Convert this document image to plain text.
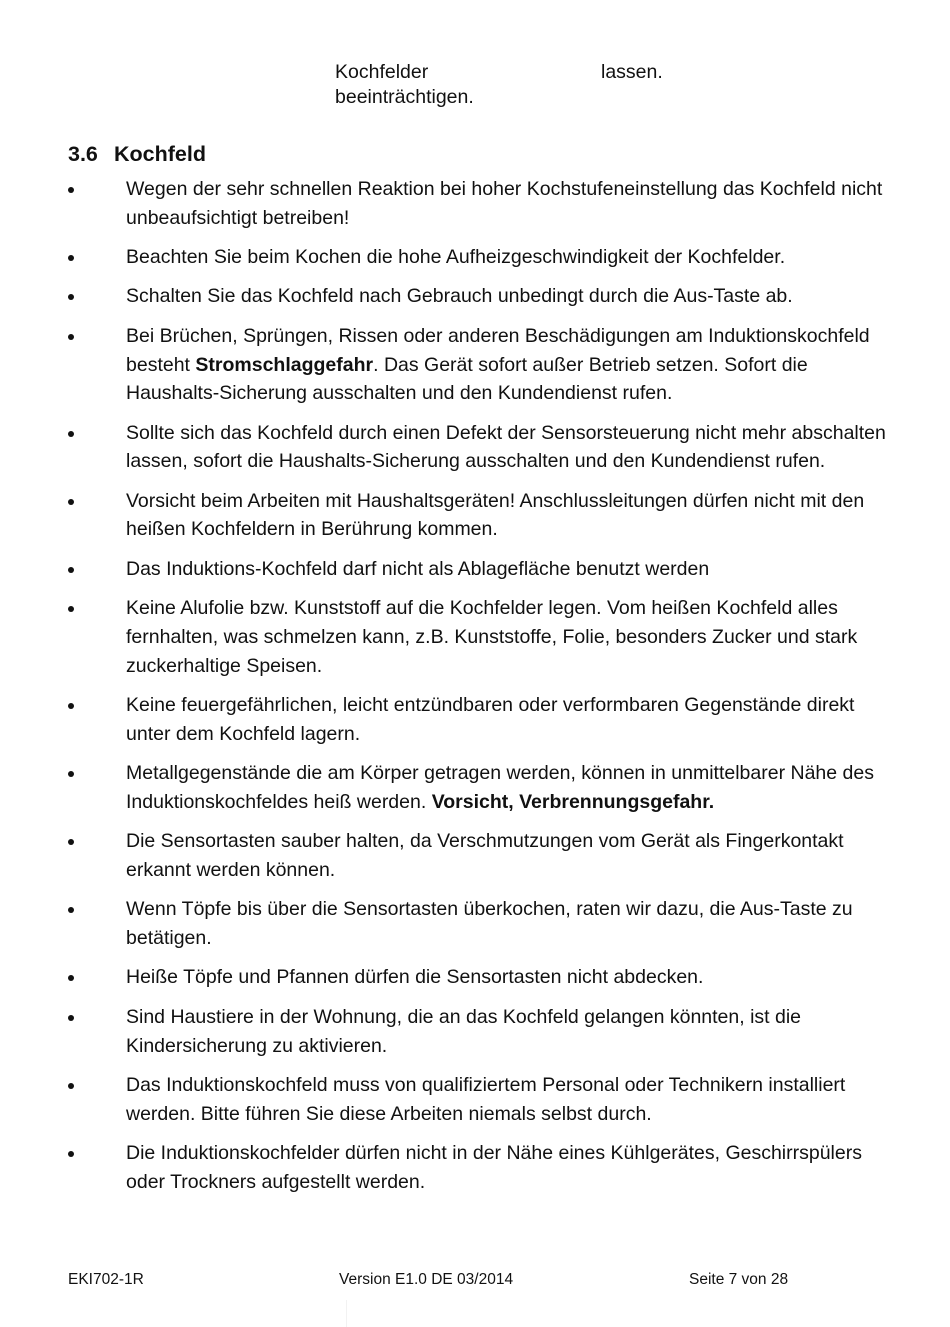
Kochfelder
beeinträchtigen.
lassen.
3.6 Kochfeld
Wegen der sehr schnellen Reaktion bei hoher Kochstufeneinstellung das Kochfeld nicht unbeaufsichtigt betreiben!
Beachten Sie beim Kochen die hohe Aufheizgeschwindigkeit der Kochfelder.
Schalten Sie das Kochfeld nach Gebrauch unbedingt durch die Aus-Taste ab.
Bei Brüchen, Sprüngen, Rissen oder anderen Beschädigungen am Induktionskochfeld besteht Stromschlaggefahr. Das Gerät sofort außer Betrieb setzen. Sofort die Haushalts-Sicherung ausschalten und den Kundendienst rufen.
Sollte sich das Kochfeld durch einen Defekt der Sensorsteuerung nicht mehr abschalten lassen, sofort die Haushalts-Sicherung ausschalten und den Kundendienst rufen.
Vorsicht beim Arbeiten mit Haushaltsgeräten! Anschlussleitungen dürfen nicht mit den heißen Kochfeldern in Berührung kommen.
Das Induktions-Kochfeld darf nicht als Ablagefläche benutzt werden
Keine Alufolie bzw. Kunststoff auf die Kochfelder legen. Vom heißen Kochfeld alles fernhalten, was schmelzen kann, z.B. Kunststoffe, Folie, besonders Zucker und stark zuckerhaltige Speisen.
Keine feuergefährlichen, leicht entzündbaren oder verformbaren Gegenstände direkt unter dem Kochfeld lagern.
Metallgegenstände die am Körper getragen werden, können in unmittelbarer Nähe des Induktionskochfeldes heiß werden. Vorsicht, Verbrennungsgefahr.
Die Sensortasten sauber halten, da Verschmutzungen vom Gerät als Fingerkontakt erkannt werden können.
Wenn Töpfe bis über die Sensortasten überkochen, raten wir dazu, die Aus-Taste zu betätigen.
Heiße Töpfe und Pfannen dürfen die Sensortasten nicht abdecken.
Sind Haustiere in der Wohnung, die an das Kochfeld gelangen könnten, ist die Kindersicherung zu aktivieren.
Das Induktionskochfeld muss von qualifiziertem Personal oder Technikern installiert werden. Bitte führen Sie diese Arbeiten niemals selbst durch.
Die Induktionskochfelder dürfen nicht in der Nähe eines Kühlgerätes, Geschirrspülers oder Trockners aufgestellt werden.
EKI702-1R	Version E1.0 DE 03/2014	Seite 7 von 28
